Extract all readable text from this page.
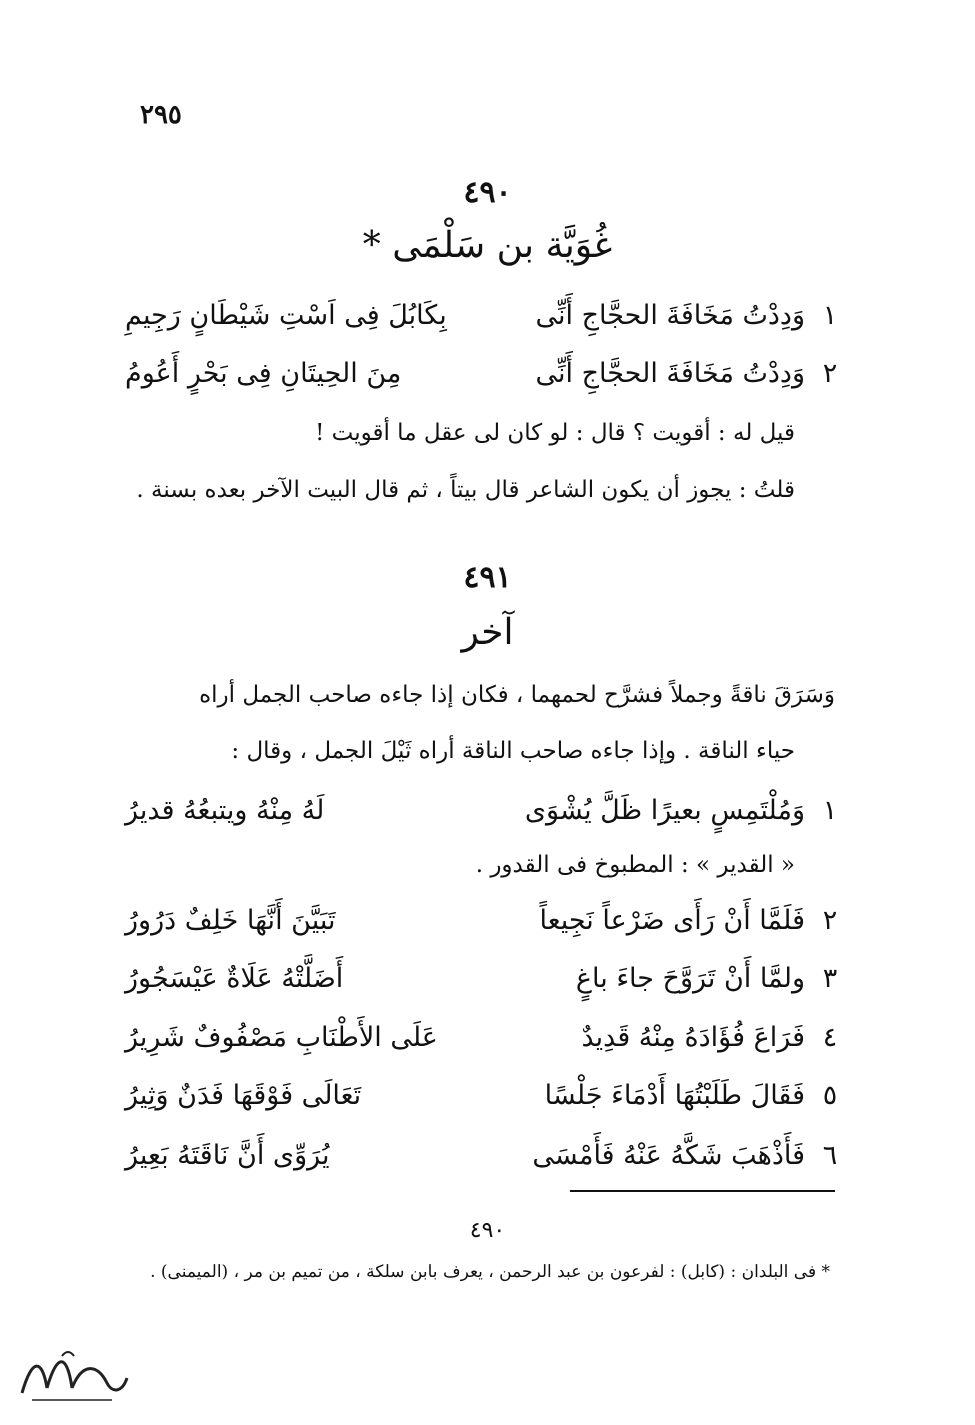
٢٩٥
٤٩٠
غُوَيَّة بن سَلْمَى *
١
وَدِدْتُ مَخَافَةَ الحجَّاجِ أَنِّى
بِكَابُلَ فِى اَسْتِ شَيْطَانٍ رَجِيمِ
٢
وَدِدْتُ مَخَافَةَ الحجَّاجِ أَنِّى
مِنَ الحِيتَانِ فِى بَحْرٍ أَعُومُ
قيل له : أقويت ؟ قال : لو كان لى عقل ما أقويت !
قلتُ : يجوز أن يكون الشاعر قال بيتاً ، ثم قال البيت الآخر بعده بسنة .
٤٩١
آخر
وَسَرَقَ ناقةً وجملاً فشرَّح لحمهما ، فكان إذا جاءه صاحب الجمل أراه
حياء الناقة . وإذا جاءه صاحب الناقة أراه ثَيْلَ الجمل ، وقال :
١
وَمُلْتَمِسٍ بعيرًا ظَلَّ يُشْوَى
لَهُ مِنْهُ ويتبعُهُ قديرُ
« القدير » : المطبوخ فى القدور .
٢
فَلَمَّا أَنْ رَأَى ضَرْعاً نَجِيعاً
تَبَيَّنَ أَنَّهَا خَلِفٌ دَرُورُ
٣
ولمَّا أَنْ تَرَوَّحَ جاءَ باغٍ
أَضَلَّتْهُ عَلَاةٌ عَيْسَجُورُ
٤
فَرَاعَ فُؤَادَهُ مِنْهُ قَدِيدٌ
عَلَى الأَطْنَابِ مَصْفُوفٌ شَرِيرُ
٥
فَقَالَ طَلَبْتُهَا أَدْمَاءَ جَلْسًا
تَعَالَى فَوْقَهَا فَدَنٌ وَثِيرُ
٦
فَأَذْهَبَ شَكَّهُ عَنْهُ فَأَمْسَى
يُرَوِّى أَنَّ نَاقَتَهُ بَعِيرُ
٤٩٠
* فى البلدان : (كابل) : لفرعون بن عبد الرحمن ، يعرف بابن سلكة ، من تميم بن مر ، (الميمنى) .
